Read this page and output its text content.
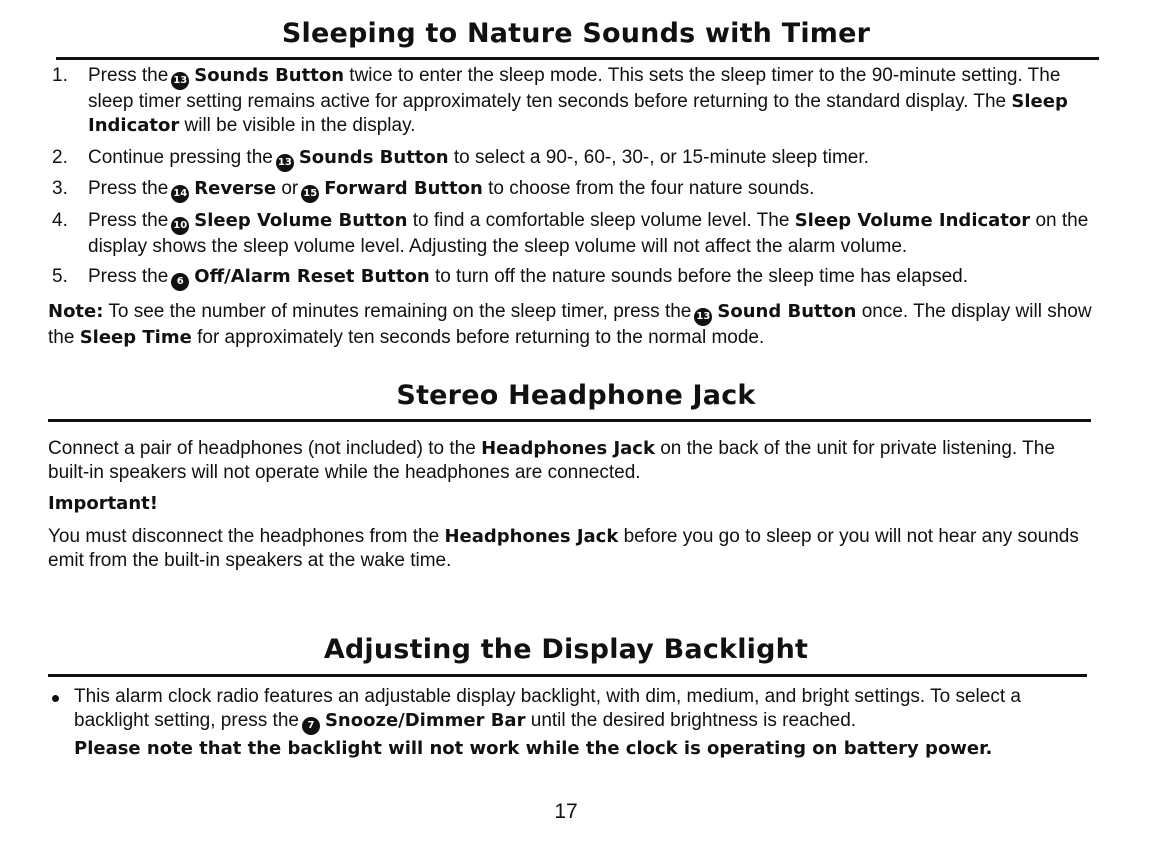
Sleeping to Nature Sounds with Timer
1.	Press the 13 Sounds Button twice to enter the sleep mode. This sets the sleep timer to the 90-minute setting. The sleep timer setting remains active for approximately ten seconds before returning to the standard display. The Sleep Indicator will be visible in the display.
2.	Continue pressing the 13 Sounds Button to select a 90-, 60-, 30-, or 15-minute sleep timer.
3.	Press the 14 Reverse or 15 Forward Button to choose from the four nature sounds.
4.	Press the 10 Sleep Volume Button to find a comfortable sleep volume level. The Sleep Volume Indicator on the display shows the sleep volume level. Adjusting the sleep volume will not affect the alarm volume.
5.	Press the 6 Off/Alarm Reset Button to turn off the nature sounds before the sleep time has elapsed.
Note: To see the number of minutes remaining on the sleep timer, press the 13 Sound Button once. The display will show the Sleep Time for approximately ten seconds before returning to the normal mode.
Stereo Headphone Jack
Connect a pair of headphones (not included) to the Headphones Jack on the back of the unit for private listening. The built-in speakers will not operate while the headphones are connected.
Important!
You must disconnect the headphones from the Headphones Jack before you go to sleep or you will not hear any sounds emit from the built-in speakers at the wake time.
Adjusting the Display Backlight
This alarm clock radio features an adjustable display backlight, with dim, medium, and bright settings. To select a backlight setting, press the 7 Snooze/Dimmer Bar until the desired brightness is reached.
Please note that the backlight will not work while the clock is operating on battery power.
17
